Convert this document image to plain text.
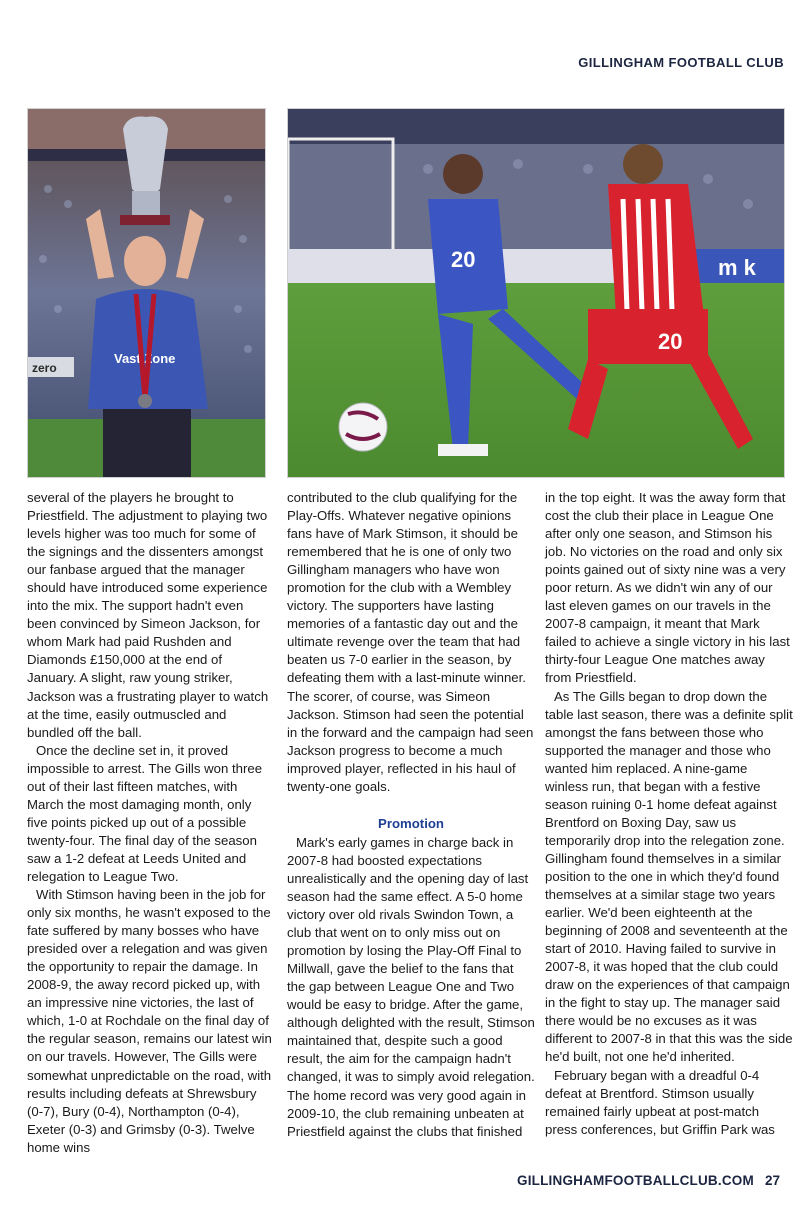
GILLINGHAM FOOTBALL CLUB
zero
Vast Zone
m k
20
20

several of the players he brought to Priestfield. The adjustment to playing two levels higher was too much for some of the signings and the dissenters amongst our fanbase argued that the manager should have introduced some experience into the mix. The support hadn't even been convinced by Simeon Jackson, for whom Mark had paid Rushden and Diamonds £150,000 at the end of January. A slight, raw young striker, Jackson was a frustrating player to watch at the time, easily outmuscled and bundled off the ball.

Once the decline set in, it proved impossible to arrest. The Gills won three out of their last fifteen matches, with March the most damaging month, only five points picked up out of a possible twenty-four. The final day of the season saw a 1-2 defeat at Leeds United and relegation to League Two.

With Stimson having been in the job for only six months, he wasn't exposed to the fate suffered by many bosses who have presided over a relegation and was given the opportunity to repair the damage. In 2008-9, the away record picked up, with an impressive nine victories, the last of which, 1-0 at Rochdale on the final day of the regular season, remains our latest win on our travels. However, The Gills were somewhat unpredictable on the road, with results including defeats at Shrewsbury (0-7), Bury (0-4), Northampton (0-4), Exeter (0-3) and Grimsby (0-3). Twelve home wins

contributed to the club qualifying for the Play-Offs. Whatever negative opinions fans have of Mark Stimson, it should be remembered that he is one of only two Gillingham managers who have won promotion for the club with a Wembley victory. The supporters have lasting memories of a fantastic day out and the ultimate revenge over the team that had beaten us 7-0 earlier in the season, by defeating them with a last-minute winner. The scorer, of course, was Simeon Jackson. Stimson had seen the potential in the forward and the campaign had seen Jackson progress to become a much improved player, reflected in his haul of twenty-one goals.

Promotion

Mark's early games in charge back in 2007-8 had boosted expectations unrealistically and the opening day of last season had the same effect. A 5-0 home victory over old rivals Swindon Town, a club that went on to only miss out on promotion by losing the Play-Off Final to Millwall, gave the belief to the fans that the gap between League One and Two would be easy to bridge. After the game, although delighted with the result, Stimson maintained that, despite such a good result, the aim for the campaign hadn't changed, it was to simply avoid relegation. The home record was very good again in 2009-10, the club remaining unbeaten at Priestfield against the clubs that finished

in the top eight. It was the away form that cost the club their place in League One after only one season, and Stimson his job. No victories on the road and only six points gained out of sixty nine was a very poor return. As we didn't win any of our last eleven games on our travels in the 2007-8 campaign, it meant that Mark failed to achieve a single victory in his last thirty-four League One matches away from Priestfield.

As The Gills began to drop down the table last season, there was a definite split amongst the fans between those who supported the manager and those who wanted him replaced. A nine-game winless run, that began with a festive season ruining 0-1 home defeat against Brentford on Boxing Day, saw us temporarily drop into the relegation zone. Gillingham found themselves in a similar position to the one in which they'd found themselves at a similar stage two years earlier. We'd been eighteenth at the beginning of 2008 and seventeenth at the start of 2010. Having failed to survive in 2007-8, it was hoped that the club could draw on the experiences of that campaign in the fight to stay up. The manager said there would be no excuses as it was different to 2007-8 in that this was the side he'd built, not one he'd inherited.

February began with a dreadful 0-4 defeat at Brentford. Stimson usually remained fairly upbeat at post-match press conferences, but Griffin Park was

GILLINGHAMFOOTBALLCLUB.COM 27
